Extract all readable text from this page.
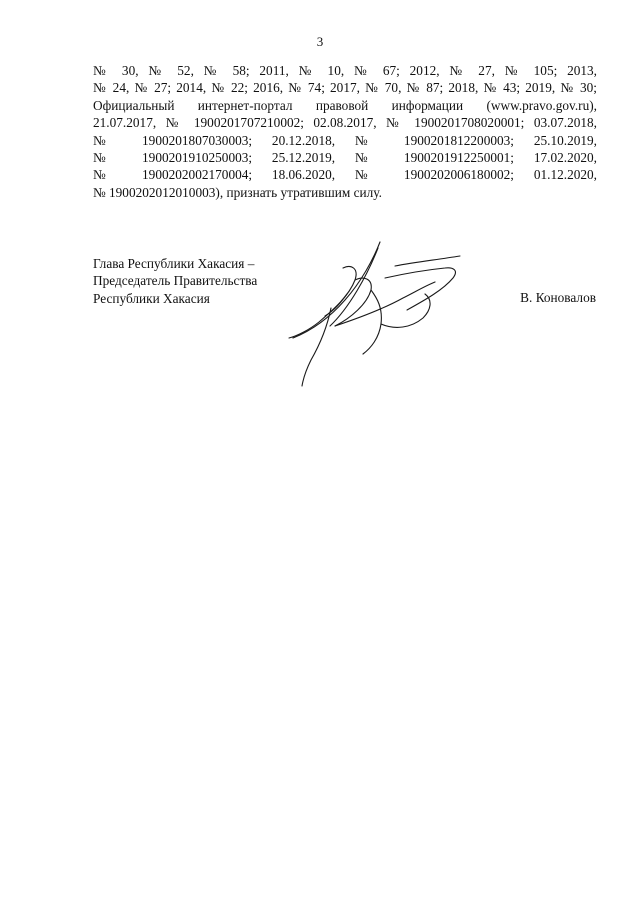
3
№ 30, № 52, № 58; 2011, № 10, № 67; 2012, № 27, № 105; 2013,
№ 24, № 27; 2014, № 22; 2016, № 74; 2017, № 70, № 87; 2018, № 43; 2019, № 30;
Официальный интернет-портал правовой информации (www.pravo.gov.ru),
21.07.2017, № 1900201707210002; 02.08.2017, № 1900201708020001; 03.07.2018,
№ 1900201807030003; 20.12.2018, № 1900201812200003; 25.10.2019,
№ 1900201910250003; 25.12.2019, № 1900201912250001; 17.02.2020,
№ 1900202002170004; 18.06.2020, № 1900202006180002; 01.12.2020,
№ 1900202012010003), признать утратившим силу.
Глава Республики Хакасия –
Председатель Правительства
Республики Хакасия	В. Коновалов
